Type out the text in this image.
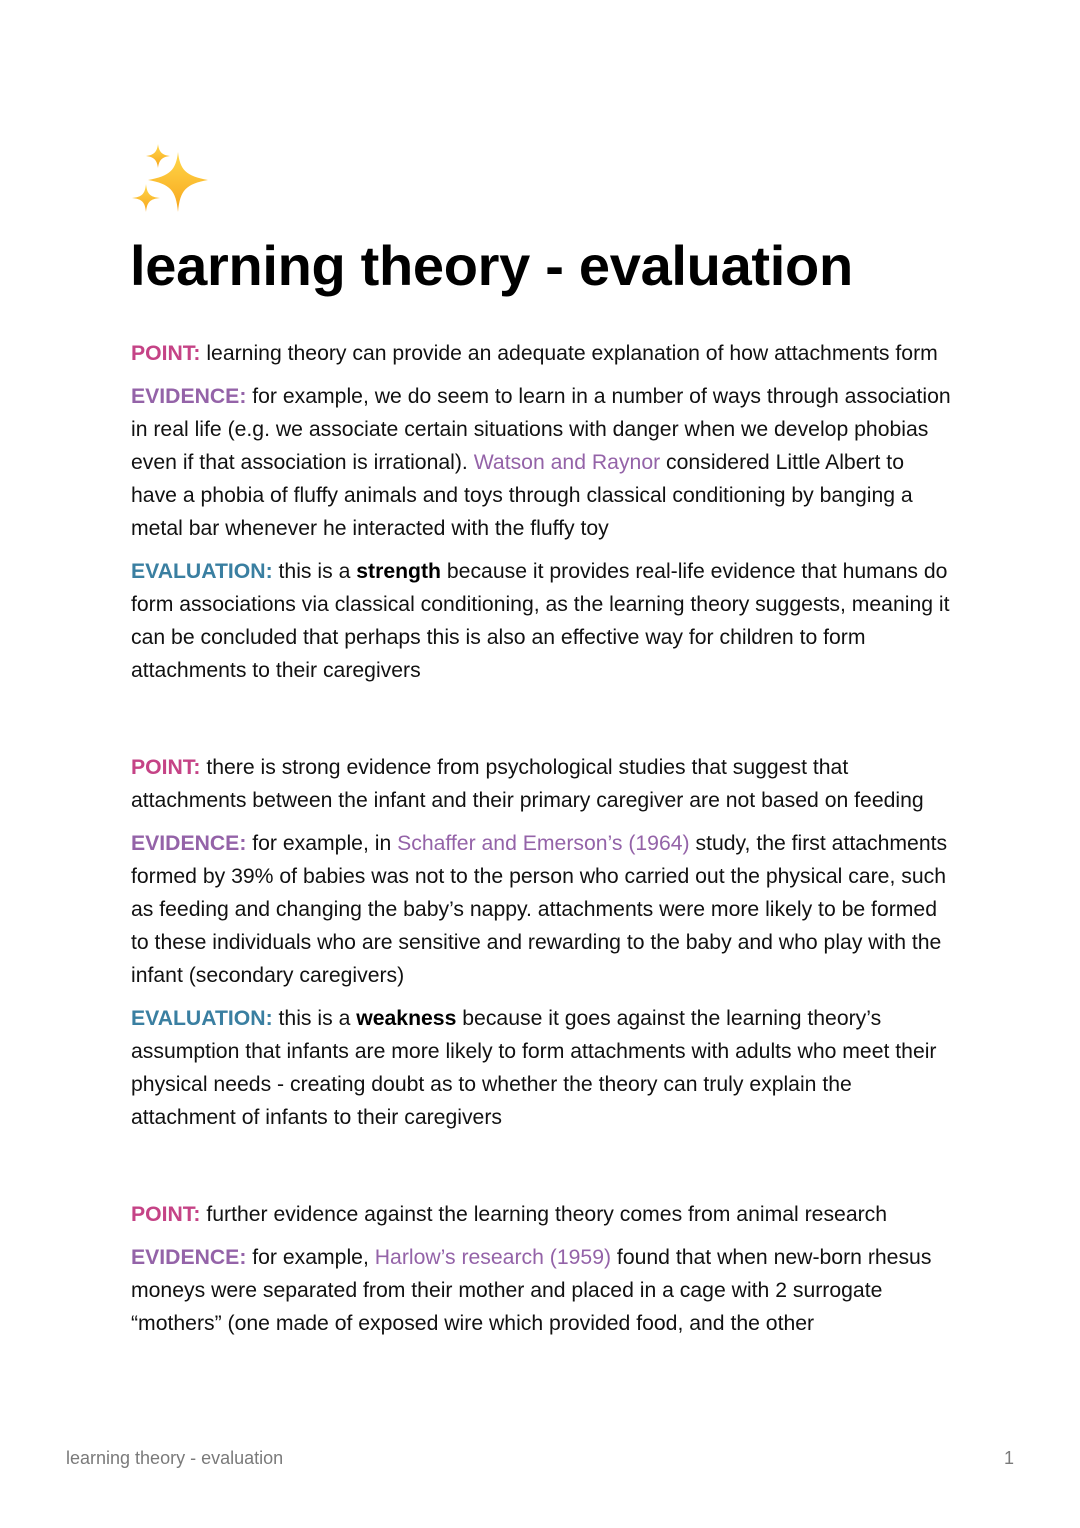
learning theory - evaluation

POINT: learning theory can provide an adequate explanation of how attachments form

EVIDENCE: for example, we do seem to learn in a number of ways through association in real life (e.g. we associate certain situations with danger when we develop phobias even if that association is irrational). Watson and Raynor considered Little Albert to have a phobia of fluffy animals and toys through classical conditioning by banging a metal bar whenever he interacted with the fluffy toy

EVALUATION: this is a strength because it provides real-life evidence that humans do form associations via classical conditioning, as the learning theory suggests, meaning it can be concluded that perhaps this is also an effective way for children to form attachments to their caregivers

POINT: there is strong evidence from psychological studies that suggest that attachments between the infant and their primary caregiver are not based on feeding

EVIDENCE: for example, in Schaffer and Emerson’s (1964) study, the first attachments formed by 39% of babies was not to the person who carried out the physical care, such as feeding and changing the baby’s nappy. attachments were more likely to be formed to these individuals who are sensitive and rewarding to the baby and who play with the infant (secondary caregivers)

EVALUATION: this is a weakness because it goes against the learning theory’s assumption that infants are more likely to form attachments with adults who meet their physical needs - creating doubt as to whether the theory can truly explain the attachment of infants to their caregivers

POINT: further evidence against the learning theory comes from animal research

EVIDENCE: for example, Harlow’s research (1959) found that when new-born rhesus moneys were separated from their mother and placed in a cage with 2 surrogate “mothers” (one made of exposed wire which provided food, and the other

learning theory - evaluation	1
